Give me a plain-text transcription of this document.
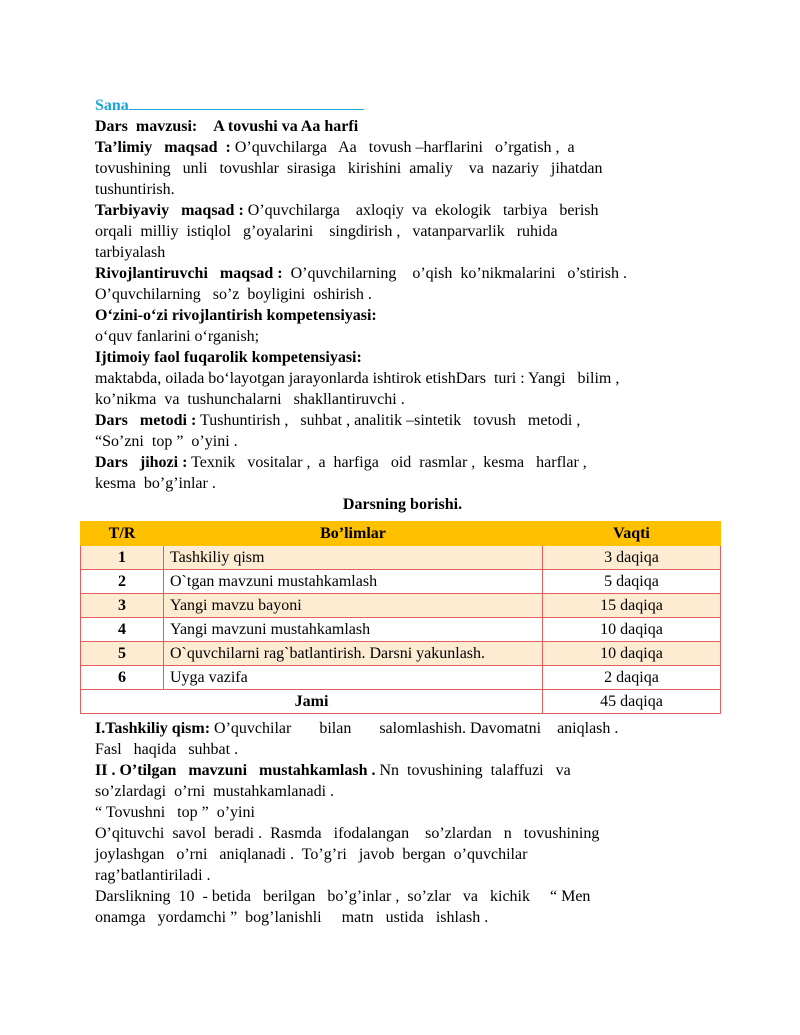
Sana
Dars  mavzusi: A tovushi va Aa harfi
Ta’limiy   maqsad  : O’quvchilarga   Aa   tovush –harflarini   o’rgatish ,  a
tovushining   unli   tovushlar  sirasiga   kirishini  amaliy    va  nazariy   jihatdan
tushuntirish.
Tarbiyaviy   maqsad : O’quvchilarga    axloqiy  va  ekologik   tarbiya   berish
orqali  milliy  istiqlol   g’oyalarini    singdirish ,   vatanparvarlik   ruhida
tarbiyalash
Rivojlantiruvchi   maqsad :  O’quvchilarning    o’qish  ko’nikmalarini   o’stirish .
O’quvchilarning   so’z  boyligini  oshirish .
O‘zini-o‘zi rivojlantirish kompetensiyasi:
o‘quv fanlarini o‘rganish;
Ijtimoiy faol fuqarolik kompetensiyasi:
maktabda, oilada bo‘layotgan jarayonlarda ishtirok etishDars  turi : Yangi   bilim ,
ko’nikma  va  tushunchalarni   shakllantiruvchi .
Dars   metodi : Tushuntirish ,   suhbat , analitik –sintetik   tovush   metodi ,
“So’zni  top ”  o’yini .
Dars   jihozi : Texnik   vositalar ,  a  harfiga   oid  rasmlar ,  kesma   harflar ,
kesma  bo’g’inlar .
Darsning borishi.
T/R	Bo’limlar	Vaqti
1	Tashkiliy qism	3 daqiqa
2	O`tgan mavzuni mustahkamlash	5 daqiqa
3	Yangi mavzu bayoni	15 daqiqa
4	Yangi mavzuni mustahkamlash	10 daqiqa
5	O`quvchilarni rag`batlantirish. Darsni yakunlash.	10 daqiqa
6	Uyga vazifa	2 daqiqa
Jami		45 daqiqa
I.Tashkiliy qism: O’quvchilar       bilan       salomlashish. Davomatni    aniqlash .
Fasl   haqida   suhbat .
II . O’tilgan   mavzuni   mustahkamlash . Nn  tovushining  talaffuzi   va
so’zlardagi  o’rni  mustahkamlanadi .
“ Tovushni   top ”  o’yini
O’qituvchi  savol  beradi .  Rasmda   ifodalangan    so’zlardan   n   tovushining
joylashgan   o’rni   aniqlanadi .  To’g’ri   javob  bergan  o’quvchilar
rag’batlantiriladi .
Darslikning  10  - betida   berilgan   bo’g’inlar ,  so’zlar   va   kichik     “ Men
onamga   yordamchi ”  bog’lanishli     matn   ustida   ishlash .
